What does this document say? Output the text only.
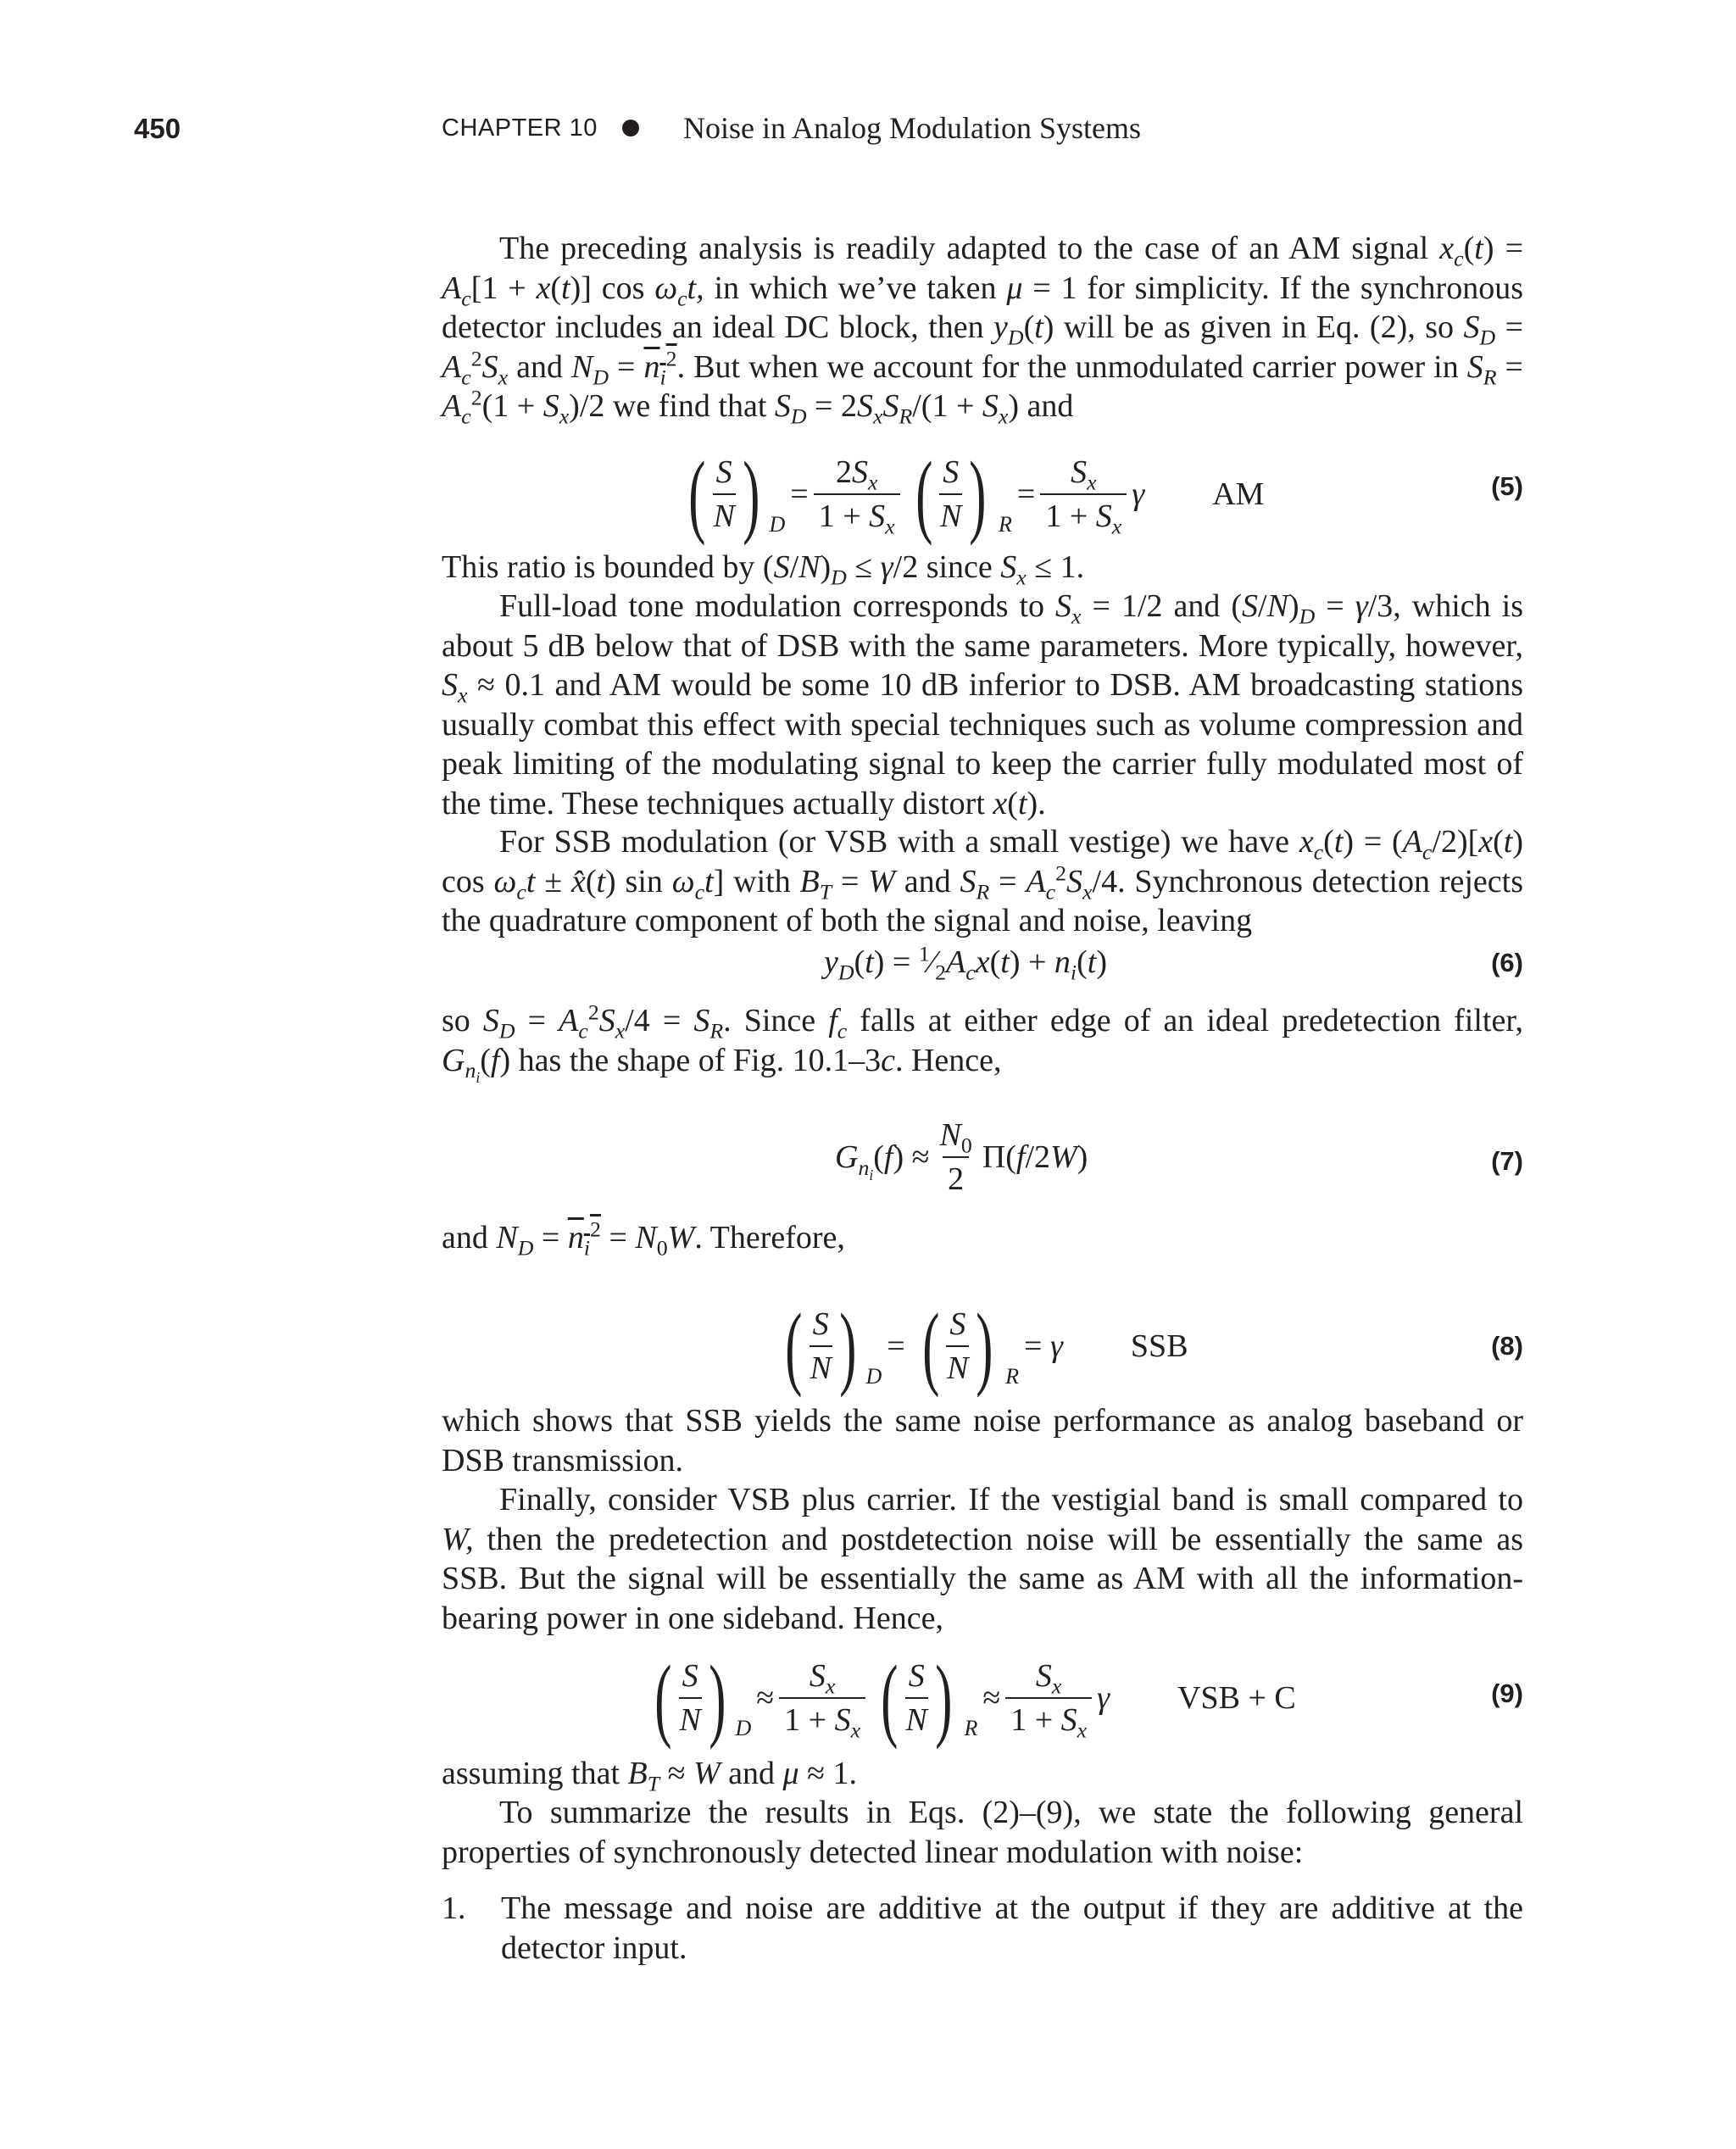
450	CHAPTER 10	Noise in Analog Modulation Systems
The preceding analysis is readily adapted to the case of an AM signal $x_c(t) = A_c[1 + x(t)]$ $\cos \omega_ct$, in which we’ve taken μ = 1 for simplicity. If the synchronous detector includes an ideal DC block, then $y_D(t)$ will be as given in Eq. (2), so $S_D = A_c^2S_x$ and $N_D = n_i^2$. But when we account for the unmodulated carrier power in $S_R = A_c^2(1 + S_x)/2$ we find that $S_D = 2S_xS_R/(1 + S_x)$ and
( S
N ) D
= $\frac{2S_x}{1 + S_x}$ ( S
N ) R
= $\frac{S_x}{1 + S_x}$ γ AM	(5)
This ratio is bounded by $(S/N)_D \le \gamma/2$ since $S_x \le 1$.
Full-load tone modulation corresponds to $S_x = 1/2$ and $(S/N)_D = \gamma/3$, which is about 5 dB below that of DSB with the same parameters. More typically, however, $S_x \approx 0.1$ and AM would be some 10 dB inferior to DSB. AM broadcasting stations usually combat this effect with special techniques such as volume compression and peak limiting of the modulating signal to keep the carrier fully modulated most of the time. These techniques actually distort x(t).
For SSB modulation (or VSB with a small vestige) we have $x_c(t) = (A_c/2)[x(t)$ $\cos \omega_ct$ ± x̂(t) $\sin \omega_ct$] with $B_T = W$ and $S_R = A_c^2S_x/4$. Synchronous detection rejects the quadrature component of both the signal and noise, leaving
$y_D(t)$ = $^1⁄_2A_cx(t) + n_i(t)$	(6)
so $S_D = A_c^2S_x/4 = S_R$. Since $f_c$ falls at either edge of an ideal predetection filter, $G_{n_i}(f)$ has the shape of Fig. 10.1–3c. Hence,
$G_{n_i}(f) \approx \frac{N_0}{2} \Pi(f/2W)$	(7)
and $N_D = n_i^2 = N_0W$. Therefore,
( S
N ) D
= ( S
N ) R
= γ SSB	(8)
which shows that SSB yields the same noise performance as analog baseband or DSB transmission.
Finally, consider VSB plus carrier. If the vestigial band is small compared to W, then the predetection and postdetection noise will be essentially the same as SSB. But the signal will be essentially the same as AM with all the information-bearing power in one sideband. Hence,
( S
N ) D
≈ $\frac{S_x}{1 + S_x}$ ( S
N ) R
≈ $\frac{S_x}{1 + S_x}$ γ VSB + C	(9)
assuming that $B_T \approx W$ and μ ≈ 1.
To summarize the results in Eqs. (2)–(9), we state the following general properties of synchronously detected linear modulation with noise:
1. The message and noise are additive at the output if they are additive at the detector input.
